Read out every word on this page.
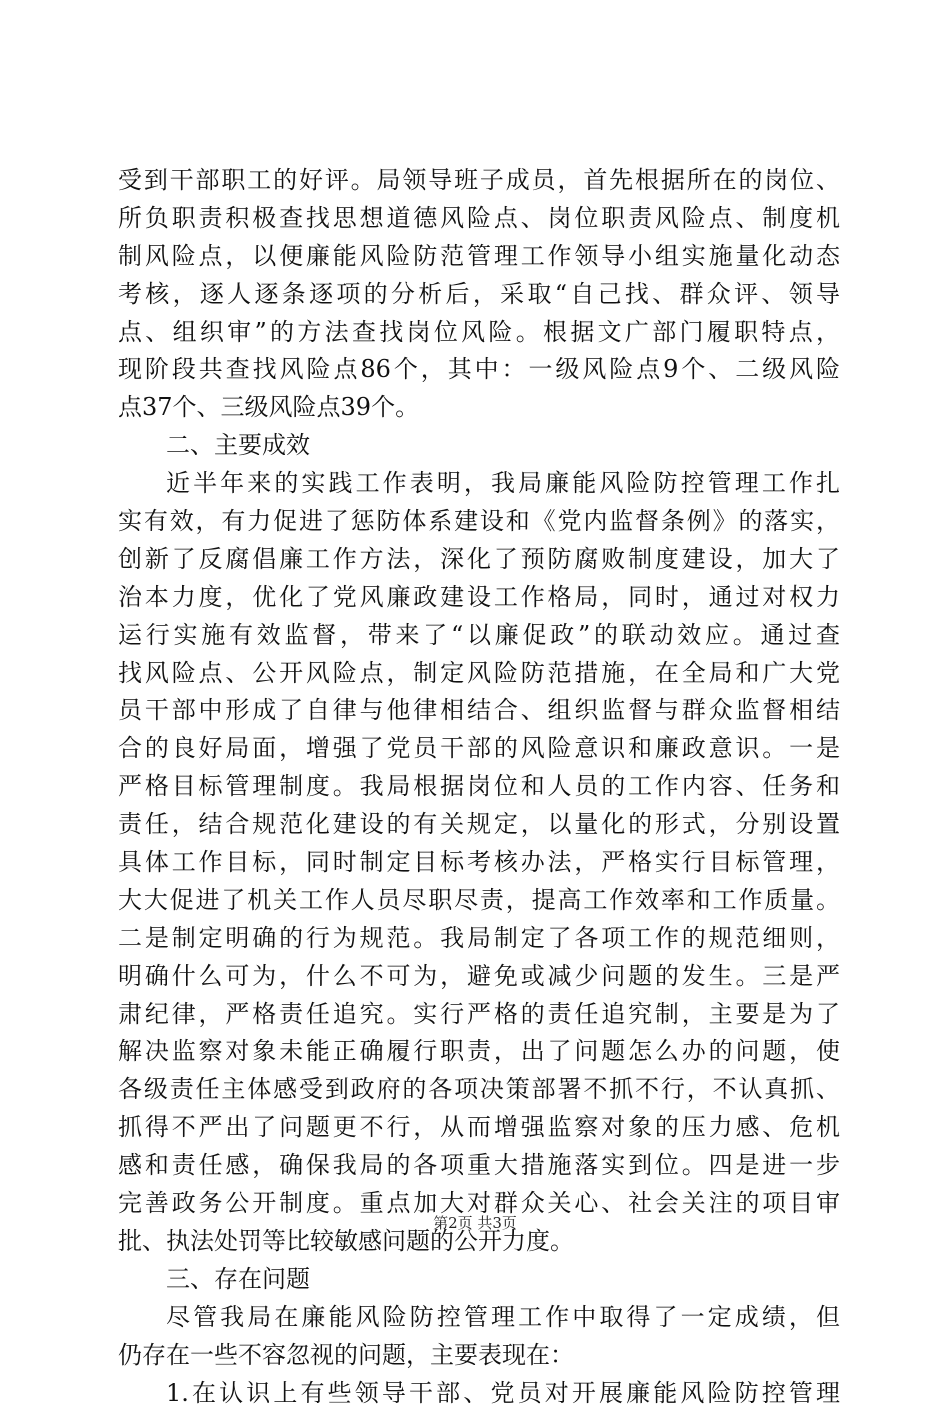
受到干部职工的好评。局领导班子成员，首先根据所在的岗位、
所负职责积极查找思想道德风险点、岗位职责风险点、制度机
制风险点，以便廉能风险防范管理工作领导小组实施量化动态
考核，逐人逐条逐项的分析后，采取“自己找、群众评、领导
点、组织审”的方法查找岗位风险。根据文广部门履职特点，
现阶段共查找风险点86个，其中：一级风险点9个、二级风险
点37个、三级风险点39个。
二、主要成效
近半年来的实践工作表明，我局廉能风险防控管理工作扎
实有效，有力促进了惩防体系建设和《党内监督条例》的落实，
创新了反腐倡廉工作方法，深化了预防腐败制度建设，加大了
治本力度，优化了党风廉政建设工作格局，同时，通过对权力
运行实施有效监督，带来了“以廉促政”的联动效应。通过查
找风险点、公开风险点，制定风险防范措施，在全局和广大党
员干部中形成了自律与他律相结合、组织监督与群众监督相结
合的良好局面，增强了党员干部的风险意识和廉政意识。一是
严格目标管理制度。我局根据岗位和人员的工作内容、任务和
责任，结合规范化建设的有关规定，以量化的形式，分别设置
具体工作目标，同时制定目标考核办法，严格实行目标管理，
大大促进了机关工作人员尽职尽责，提高工作效率和工作质量。
二是制定明确的行为规范。我局制定了各项工作的规范细则，
明确什么可为，什么不可为，避免或减少问题的发生。三是严
肃纪律，严格责任追究。实行严格的责任追究制，主要是为了
解决监察对象未能正确履行职责，出了问题怎么办的问题，使
各级责任主体感受到政府的各项决策部署不抓不行，不认真抓、
抓得不严出了问题更不行，从而增强监察对象的压力感、危机
感和责任感，确保我局的各项重大措施落实到位。四是进一步
完善政务公开制度。重点加大对群众关心、社会关注的项目审
批、执法处罚等比较敏感问题的公开力度。
三、存在问题
尽管我局在廉能风险防控管理工作中取得了一定成绩，但
仍存在一些不容忽视的问题，主要表现在：
1.在认识上有些领导干部、党员对开展廉能风险防控管理
第2页 共3页
